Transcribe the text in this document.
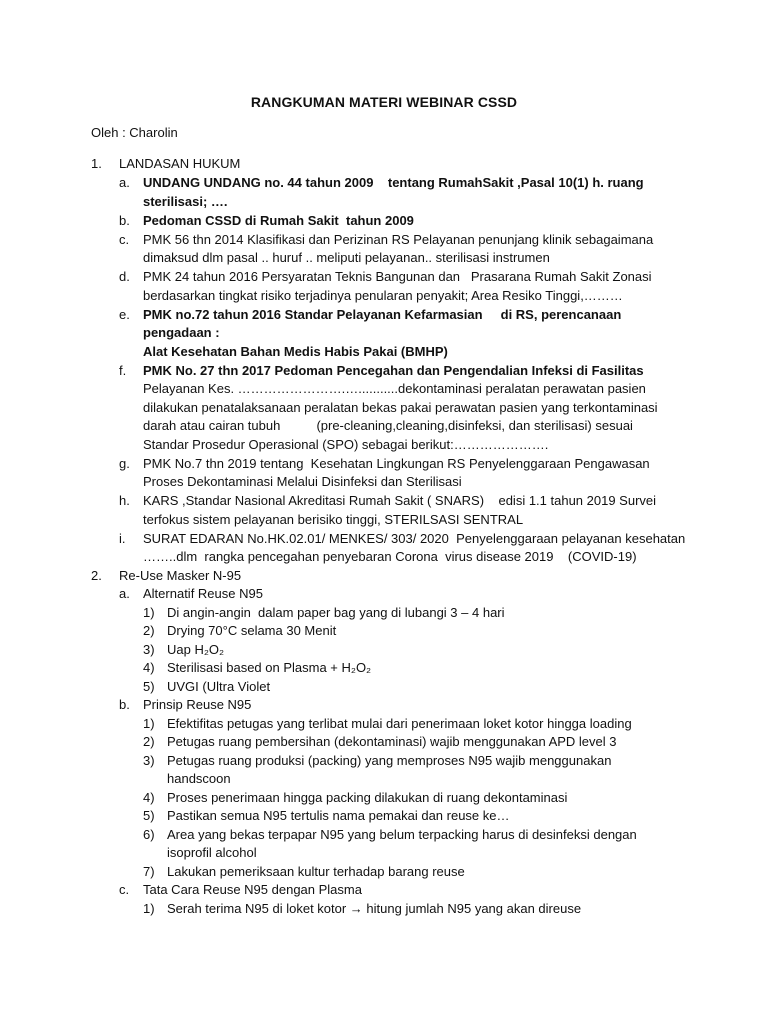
RANGKUMAN MATERI WEBINAR CSSD
Oleh : Charolin
1.	LANDASAN HUKUM
a.	UNDANG UNDANG no. 44 tahun 2009    tentang RumahSakit ,Pasal 10(1) h. ruang
sterilisasi; ….
b.	Pedoman CSSD di Rumah Sakit  tahun 2009
c.	PMK 56 thn 2014 Klasifikasi dan Perizinan RS Pelayanan penunjang klinik sebagaimana
dimaksud dlm pasal .. huruf .. meliputi pelayanan.. sterilisasi instrumen
d.	PMK 24 tahun 2016 Persyaratan Teknis Bangunan dan   Prasarana Rumah Sakit Zonasi
berdasarkan tingkat risiko terjadinya penularan penyakit; Area Resiko Tinggi,………
e.	PMK no.72 tahun 2016 Standar Pelayanan Kefarmasian     di RS, perencanaan pengadaan :
Alat Kesehatan Bahan Medis Habis Pakai (BMHP)
f.	PMK No. 27 thn 2017 Pedoman Pencegahan dan Pengendalian Infeksi di Fasilitas
Pelayanan Kes. …………………….…...........dekontaminasi peralatan perawatan pasien
dilakukan penatalaksanaan peralatan bekas pakai perawatan pasien yang terkontaminasi
darah atau cairan tubuh          (pre-cleaning,cleaning,disinfeksi, dan sterilisasi) sesuai
Standar Prosedur Operasional (SPO) sebagai berikut:………………….
g.	PMK No.7 thn 2019 tentang  Kesehatan Lingkungan RS Penyelenggaraan Pengawasan
Proses Dekontaminasi Melalui Disinfeksi dan Sterilisasi
h.	KARS ,Standar Nasional Akreditasi Rumah Sakit ( SNARS)    edisi 1.1 tahun 2019 Survei
terfokus sistem pelayanan berisiko tinggi, STERILSASI SENTRAL
i.	SURAT EDARAN No.HK.02.01/ MENKES/ 303/ 2020  Penyelenggaraan pelayanan kesehatan
……..dlm  rangka pencegahan penyebaran Corona  virus disease 2019    (COVID-19)
2.	Re-Use Masker N-95
a.	Alternatif Reuse N95
1) Di angin-angin  dalam paper bag yang di lubangi 3 – 4 hari
2) Drying 70°C selama 30 Menit
3) Uap H₂O₂
4) Sterilisasi based on Plasma + H₂O₂
5) UVGI (Ultra Violet
b.	Prinsip Reuse N95
1) Efektifitas petugas yang terlibat mulai dari penerimaan loket kotor hingga loading
2) Petugas ruang pembersihan (dekontaminasi) wajib menggunakan APD level 3
3) Petugas ruang produksi (packing) yang memproses N95 wajib menggunakan
handscoon
4) Proses penerimaan hingga packing dilakukan di ruang dekontaminasi
5) Pastikan semua N95 tertulis nama pemakai dan reuse ke…
6) Area yang bekas terpapar N95 yang belum terpacking harus di desinfeksi dengan
isoprofil alcohol
7) Lakukan pemeriksaan kultur terhadap barang reuse
c.	Tata Cara Reuse N95 dengan Plasma
1) Serah terima N95 di loket kotor → hitung jumlah N95 yang akan direuse
